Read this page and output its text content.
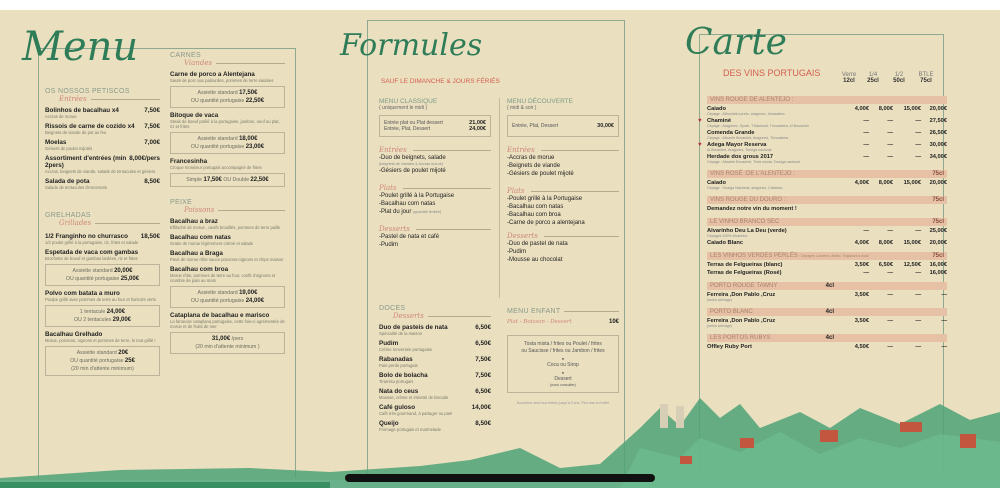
Menu
OS NOSSOS PETISCOS
Entrées
Bolinhos de bacalhau x4	7,50€
Accras de morue
Rissois de carne de cozido x4 7,50€
Beignets de viande de pot au feu
Moelas	7,00€
Gésiers de poulet mijotés
Assortiment d'entrées (min 2pers)
8,00€/pers
Accras, beignets de viande, salade de tentacules et gésiers
Salada de pota	8,50€
Salade de tentacules d'encornets
GRELHADAS
Grillades
1/2 Franginho no churrasco 18,50€
1/2 poulet grillé à la portugaise, riz, frites et salade
Espetada de vaca com gambas
Brochette de boeuf et gambas lardées, riz et frites
Assiette standard 20,00€
OU quantité portugaise 25,00€
Polvo com batata a muro
Poulpe grillé avec pommes de terre au four et haricots verts
1 tentacule 24,00€
OU 2 tentacules 29,00€
Bacalhau Grelhado
Morue, poivrons, oignons et pommes de terre, le tout grillé !
Assiette standard 20€
OU quantité portugaise 25€
(20 min d'attente minimum)
CARNES
Viandes
Carne de porco a Alentejana
Sauté de porc aux palourdes, pommes de terre sautées
Assiette standard 17,50€
OU quantité portugaise 22,50€
Bitoque de vaca
Steak de boeuf poêlé à la portugaise, jambon, oeuf au plat, riz et frites
Assiette standard 18,00€
OU quantité portugaise 23,00€
Francesinha
Croque monsieur portugais accompagné de frites
Simple 17,50€ OU Double 22,50€
PEIXE
Poissons
Bacalhau a braz
Effiloché de morue , oeufs brouillés, pommes de terre paille
Bacalhau com natas
Gratin de morue légèrement crémé et salade
Bacalhau a Braga
Pavé de morue rôtie sauce poivrons-oignons et chips maison
Bacalhau com broa
Morue rôtie, pommes de terre au four, confit d'oignons et crumble de pain au maïs
Assiette standard 19,00€
OU quantité portugaise 24,00€
Cataplana de bacalhau e marisco
La fameuse cataplana portugaise, cette fois-ci agrémentée de morue et de fruits de mer
31,00€ /pers
(20 min d'attente minimum )
Formules
SAUF LE DIMANCHE & JOURS FÉRIÉS
MENU CLASSIQUE
( uniquement le midi )
Entrée plat ou Plat dessert	21,00€
Entrée, Plat, Dessert	24,00€
Entrées
-Duo de beignets, salade
(beignets de viandes & Accras morue)
-Gésiers de poulet mijoté
Plats
-Poulet grillé à la Portugaise
-Bacalhau com natas
-Plat du jour (quantité limitée)
Desserts
-Pastel de nata et café
-Pudim
MENU DÉCOUVERTE
( midi & soir )
Entrée, Plat, Dessert	30,00€
Entrées
-Accras de morue
-Beignets de viande
-Gésiers de poulet mijoté
Plats
-Poulet grillé à la Portugaise
-Bacalhau com natas
-Bacalhau com broa
-Carne de porco a alentejana
Desserts
-Duo de pastel de nata
-Pudim
-Mousse au chocolat
DOCES
Desserts
Duo de pasteis de nata	6,50€
Spécialité de la maison
Pudim	6,50€
Crème renversée portugaise
Rabanadas	7,50€
Pain perdu portugais
Bolo de bolacha	7,50€
Tiramisu portugais
Nata do ceus	6,50€
Mousse, crème et émietté de biscuits
Café guloso	14,00€
Café très gourmand, à partager ou pas!
Queijo	8,50€
Fromage portugais et marmelade
MENU ENFANT
Plat - Boisson - Dessert	10€
Tosta mista / frites ou Poulet / frites
ou Saucisse / frites ou Jambon / frites
●
Coca ou Sirop
●
Dessert
(nous consulter)
Nourriture servi aux bébés jusqu'à 3 ans. Plus bas en buffet
Carte
DES VINS PORTUGAIS	Verre
12cl
1/4
25cl
1/2
50cl
BTLE
75cl
VINS ROUGE DE ALENTEJO :
Caiado	4,00€	8,00€	15,00€	20,00€
Cépage : Alfrocheiro preto, aragonez, trincadeira
♥ Chaminé	—	—	—	27,50€
Cépage : Aragonez, Syrah, T.Nacional, Trincadeira, Al Bouschet
Comenda Grande	—	—	—	26,50€
Cépage : Alicante Bouschet, Aragonez, Trincadeira
♥ Adega Mayor Reserva	—	—	—	30,00€
Al Bouschet, Aragonez, Touriga nacional
Herdade dos grous 2017	—	—	—	34,00€
Cépage : Alicante Bouschet, Tinta miuda, Touriga nacional
VINS ROSÉ :DE L'ALENTEJO :	75cl
Caiado	4,00€	8,00€	15,00€	20,00€
Cépage : Touriga Nacional, aragonez, Castelao
VINS ROUGE DU DOURO :	75cl
Demandez notre vin du moment !
LE VINHO BRANCO SEC	75cl
Alvarinho Deu La Deu (verde)	—	—	—	25,00€
Cépages 100% Alvarinho
Caiado Blanc	4,00€	8,00€	15,00€	20,00€
LES VINHOS VERDES PERLÉS : Cépages Loureiro, Arinto, Trajadura e Azal	75cl
Terras de Felgueiras (blanc)	3,50€	6,50€	12,50€	16,00€
Terras de Felgueiras (Rosé)	—	—	—	16,00€
PORTO ROUGE TAWNY	4cl
Ferreira ,Don Pablo ,Cruz	3,50€	—	—	—
(selon arrivage)
PORTO BLANC	4cl
Ferreira ,Don Pablo ,Cruz	3,50€	—	—	—
(selon arrivage)
LES PORTOS RUBYS	4cl
Offley Ruby Port	4,50€	—	—	—
